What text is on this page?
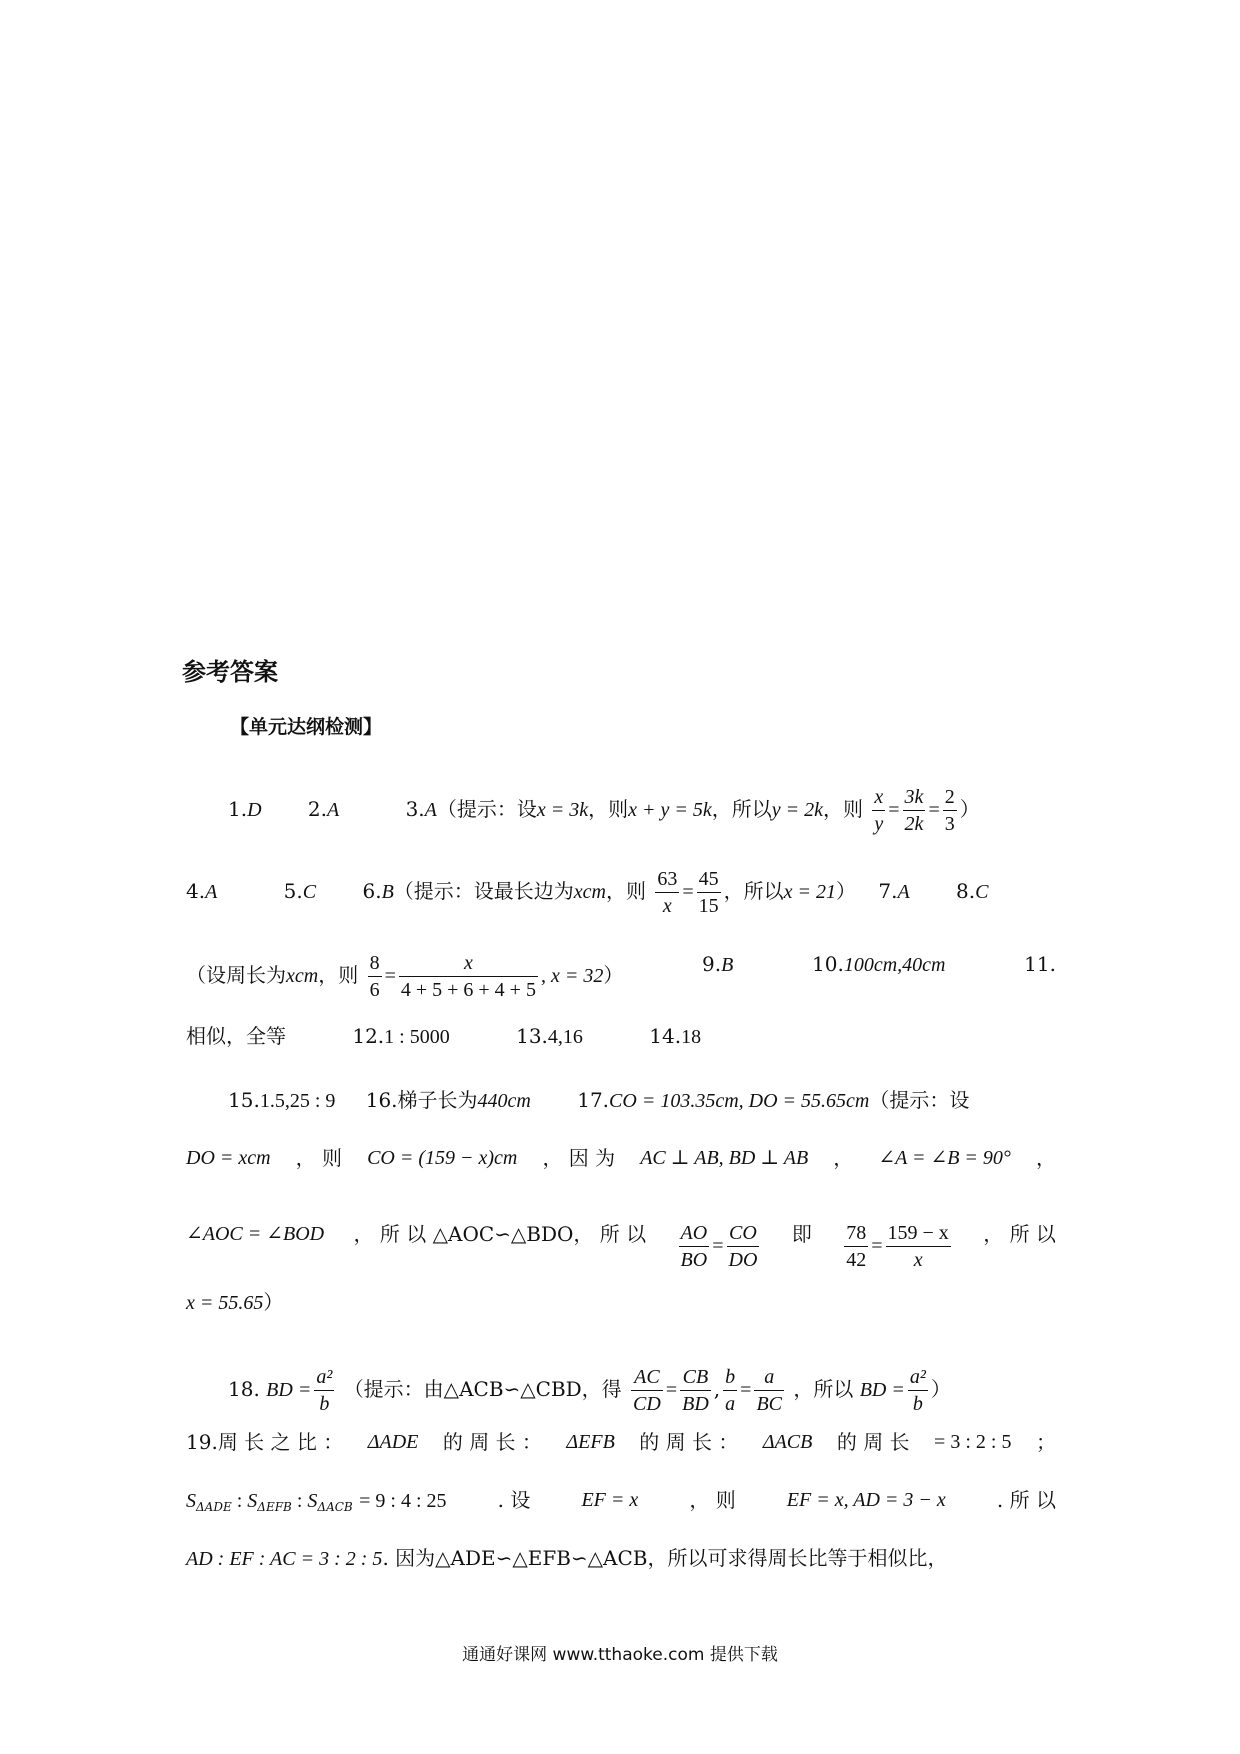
参考答案
【单元达纲检测】
1.D 2.A	3.A（提示：设x = 3k，则x + y = 5k，所以y = 2k，则 $\frac{x}{y} = \frac{3k}{2k} = \frac{2}{3}$ ）
4.A	5.C 6.B（提示：设最长边为xcm，则 $\frac{63}{x} = \frac{45}{15}$ ，所以x = 21） 7.A 8.C
（设周长为xcm，则 $\frac{8}{6} = \frac{x}{4 + 5 + 6 + 4 + 5}$ , x = 32）	9.B	10.100cm,40cm	11.
相似，全等	12.1 : 5000	13.4,16	14.18
15.1.5,25 : 9 16.梯子长为440cm 17.CO = 103.35cm, DO = 55.65cm（提示：设
DO = xcm ， 则 CO = (159 − x)cm ， 因 为 AC ⊥ AB, BD ⊥ AB ， ∠A = ∠B = 90° ，
∠AOC = ∠BOD ， 所 以 △AOC∽△BDO， 所 以 $\frac{AO}{BO} = \frac{CO}{DO}$ 即 $\frac{78}{42} = \frac{159 - x}{x}$ ， 所 以
x = 55.65）
18. BD = $\frac{\text{a²}}{b}$ （提示：由△ACB∽△CBD，得 $\frac{AC}{CD} = \frac{CB}{BD}$ , $\frac{b}{a} = \frac{a}{BC}$ ，所以 BD = $\frac{\text{a²}}{b}$ ）
19.周 长 之 比 ： ΔADE 的 周 长 ： ΔEFB 的 周 长 ： ΔACB 的 周 长 = 3 : 2 : 5 ；
$S_{\Delta ADE}$ : $S_{\Delta EFB}$ : $S_{\Delta ACB} = 9$ : 4 : 25	. 设	EF = x	， 则	EF = x, AD = 3 − x	. 所 以
AD : EF : AC = 3 : 2 : 5. 因为△ADE∽△EFB∽△ACB，所以可求得周长比等于相似比，
通通好课网 www.tthaoke.com 提供下载
